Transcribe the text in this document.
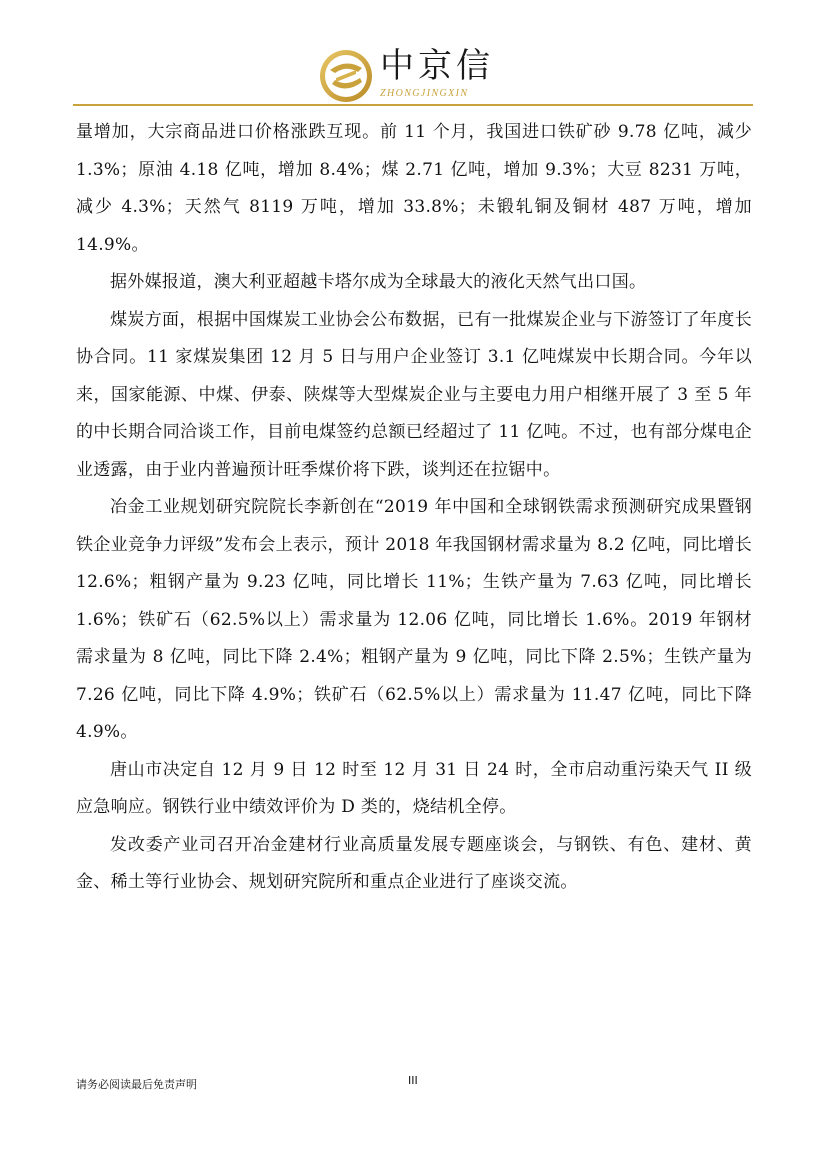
中京信
ZHONGJINGXIN

量增加，大宗商品进口价格涨跌互现。前 11 个月，我国进口铁矿砂 9.78 亿吨，减少 1.3%；原油 4.18 亿吨，增加 8.4%；煤 2.71 亿吨，增加 9.3%；大豆 8231 万吨，减少 4.3%；天然气 8119 万吨，增加 33.8%；未锻轧铜及铜材 487 万吨，增加 14.9%。

据外媒报道，澳大利亚超越卡塔尔成为全球最大的液化天然气出口国。

煤炭方面，根据中国煤炭工业协会公布数据，已有一批煤炭企业与下游签订了年度长协合同。11 家煤炭集团 12 月 5 日与用户企业签订 3.1 亿吨煤炭中长期合同。今年以来，国家能源、中煤、伊泰、陕煤等大型煤炭企业与主要电力用户相继开展了 3 至 5 年的中长期合同洽谈工作，目前电煤签约总额已经超过了 11 亿吨。不过，也有部分煤电企业透露，由于业内普遍预计旺季煤价将下跌，谈判还在拉锯中。

冶金工业规划研究院院长李新创在“2019 年中国和全球钢铁需求预测研究成果暨钢铁企业竞争力评级”发布会上表示，预计 2018 年我国钢材需求量为 8.2 亿吨，同比增长 12.6%；粗钢产量为 9.23 亿吨，同比增长 11%；生铁产量为 7.63 亿吨，同比增长 1.6%；铁矿石（62.5%以上）需求量为 12.06 亿吨，同比增长 1.6%。2019 年钢材需求量为 8 亿吨，同比下降 2.4%；粗钢产量为 9 亿吨，同比下降 2.5%；生铁产量为 7.26 亿吨，同比下降 4.9%；铁矿石（62.5%以上）需求量为 11.47 亿吨，同比下降 4.9%。

唐山市决定自 12 月 9 日 12 时至 12 月 31 日 24 时，全市启动重污染天气 II 级应急响应。钢铁行业中绩效评价为 D 类的，烧结机全停。

发改委产业司召开冶金建材行业高质量发展专题座谈会，与钢铁、有色、建材、黄金、稀土等行业协会、规划研究院所和重点企业进行了座谈交流。

请务必阅读最后免责声明	III
